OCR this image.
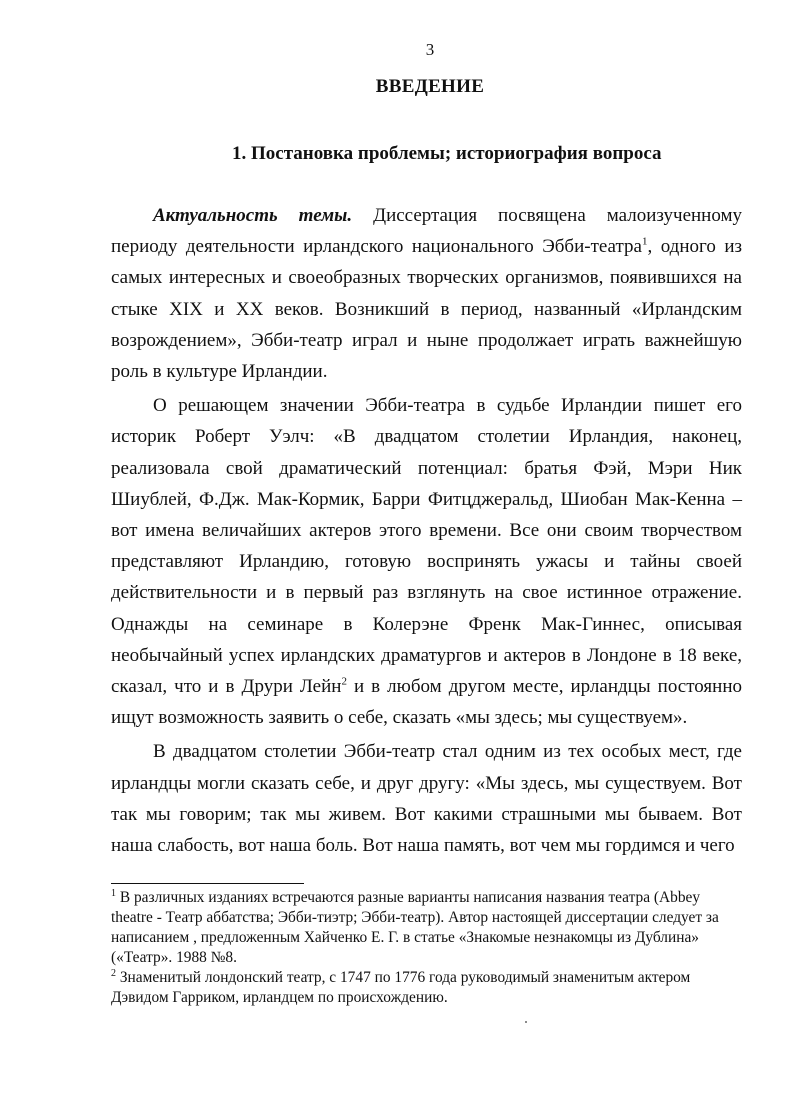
3
ВВЕДЕНИЕ
1. Постановка проблемы; историография вопроса

Актуальность темы. Диссертация посвящена малоизученному периоду деятельности ирландского национального Эбби-театра$^1$, одного из самых интересных и своеобразных творческих организмов, появившихся на стыке XIX и XX веков. Возникший в период, названный «Ирландским возрождением», Эбби-театр играл и ныне продолжает играть важнейшую роль в культуре Ирландии.

О решающем значении Эбби-театра в судьбе Ирландии пишет его историк Роберт Уэлч: «В двадцатом столетии Ирландия, наконец, реализовала свой драматический потенциал: братья Фэй, Мэри Ник Шиублей, Ф.Дж. Мак-Кормик, Барри Фитцджеральд, Шиобан Мак-Кенна – вот имена величайших актеров этого времени. Все они своим творчеством представляют Ирландию, готовую воспринять ужасы и тайны своей действительности и в первый раз взглянуть на свое истинное отражение. Однажды на семинаре в Колерэне Френк Мак-Гиннес, описывая необычайный успех ирландских драматургов и актеров в Лондоне в 18 веке, сказал, что и в Друри Лейн$^2$ и в любом другом месте, ирландцы постоянно ищут возможность заявить о себе, сказать «мы здесь; мы существуем».

В двадцатом столетии Эбби-театр стал одним из тех особых мест, где ирландцы могли сказать себе, и друг другу: «Мы здесь, мы существуем. Вот так мы говорим; так мы живем. Вот какими страшными мы бываем. Вот наша слабость, вот наша боль. Вот наша память, вот чем мы гордимся и чего

$^1$ В различных изданиях встречаются разные варианты написания названия театра (Abbey theatre - Театр аббатства; Эбби-тиэтр; Эбби-театр). Автор настоящей диссертации следует за написанием , предложенным Хайченко Е. Г. в статье «Знакомые незнакомцы из Дублина» («Театр». 1988 №8.

$^2$ Знаменитый лондонский театр, с 1747 по 1776 года руководимый знаменитым актером Дэвидом Гарриком, ирландцем по происхождению.
